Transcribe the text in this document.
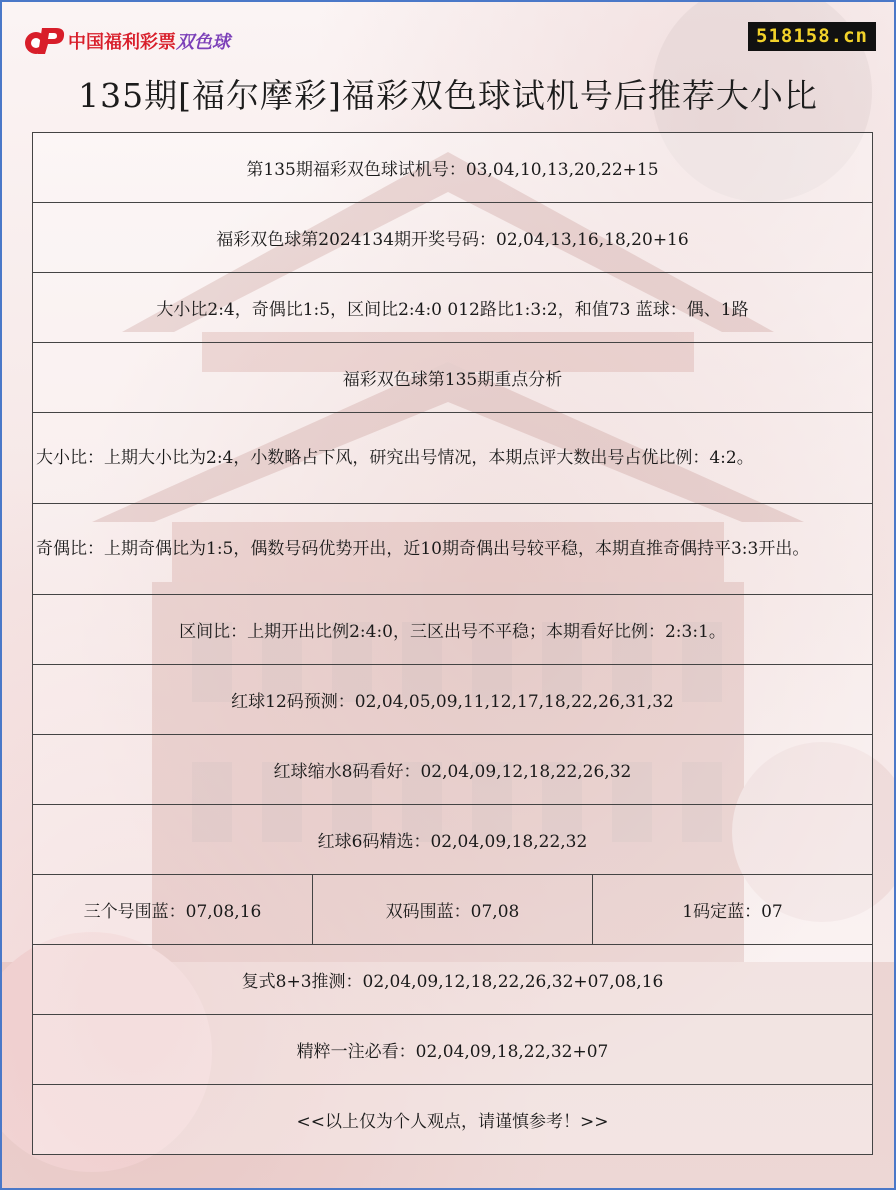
中国福利彩票双色球	518158.cn
135期[福尔摩彩]福彩双色球试机号后推荐大小比
第135期福彩双色球试机号：03,04,10,13,20,22+15
福彩双色球第2024134期开奖号码：02,04,13,16,18,20+16
大小比2:4，奇偶比1:5，区间比2:4:0 012路比1:3:2，和值73 蓝球：偶、1路
福彩双色球第135期重点分析
大小比：上期大小比为2:4，小数略占下风，研究出号情况，本期点评大数出号占优比例：4:2。
奇偶比：上期奇偶比为1:5，偶数号码优势开出，近10期奇偶出号较平稳，本期直推奇偶持平3:3开出。
区间比：上期开出比例2:4:0，三区出号不平稳；本期看好比例：2:3:1。
红球12码预测：02,04,05,09,11,12,17,18,22,26,31,32
红球缩水8码看好：02,04,09,12,18,22,26,32
红球6码精选：02,04,09,18,22,32
三个号围蓝：07,08,16	双码围蓝：07,08	1码定蓝：07
复式8+3推测：02,04,09,12,18,22,26,32+07,08,16
精粹一注必看：02,04,09,18,22,32+07
<<以上仅为个人观点，请谨慎参考！>>
